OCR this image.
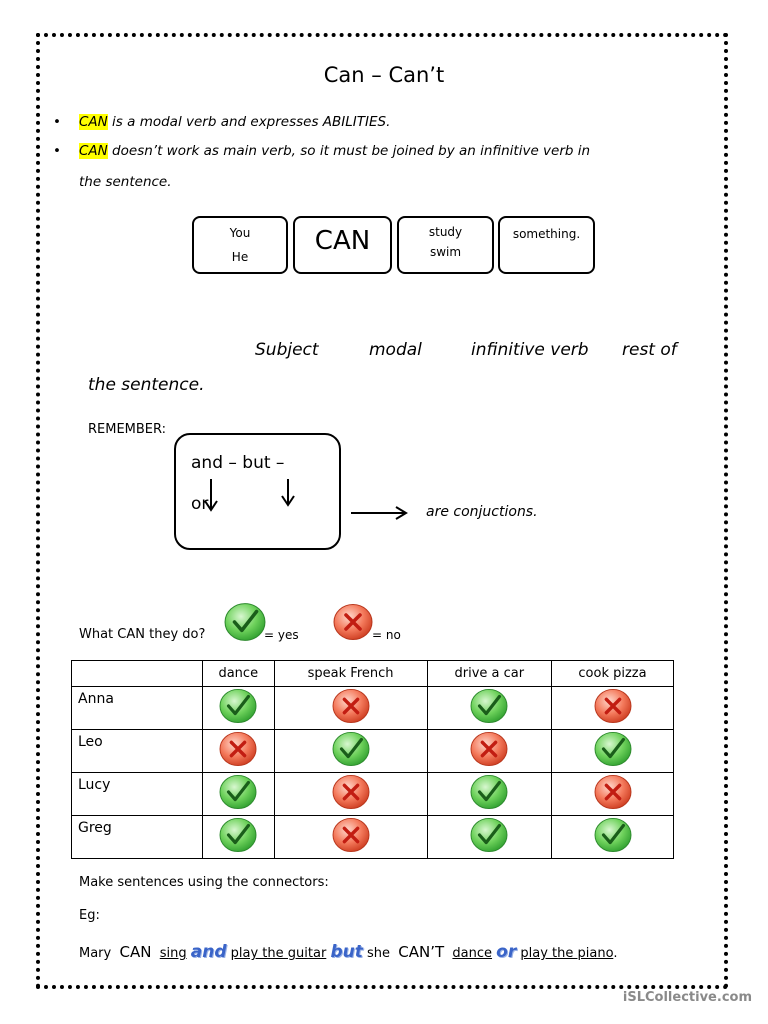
Can – Can’t
• CAN is a modal verb and expresses ABILITIES.
• CAN doesn’t work as main verb, so it must be joined by an infinitive verb in
the sentence.
You
He
CAN	study
swim
something.
Subject	modal	infinitive verb rest of
the sentence.
REMEMBER:
and – but –
or	are conjuctions.
What CAN they do?	= yes	= no
	dance	speak French	drive a car	cook pizza
Anna				
Leo				
Lucy				
Greg				
Make sentences using the connectors:
Eg:
Mary CAN sing and play the guitar but she CAN’T dance or play the piano.
iSLCollective.com
